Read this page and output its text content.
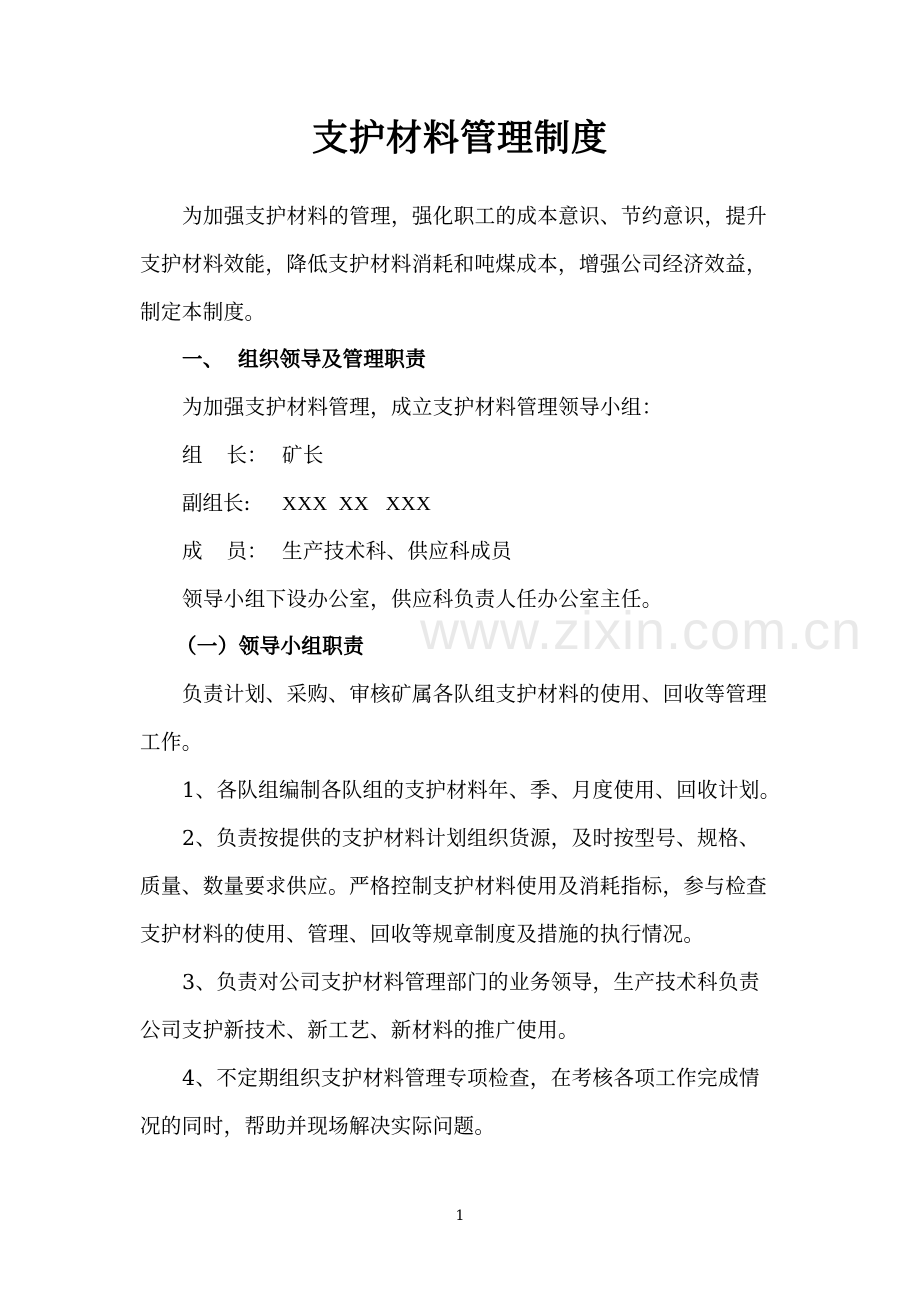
支护材料管理制度
为加强支护材料的管理，强化职工的成本意识、节约意识，提升
支护材料效能，降低支护材料消耗和吨煤成本，增强公司经济效益，
制定本制度。
一、 组织领导及管理职责
为加强支护材料管理，成立支护材料管理领导小组：
组 长： 矿长
副组长: XXX  XX   XXX
成 员： 生产技术科、供应科成员
领导小组下设办公室，供应科负责人任办公室主任。
（一）领导小组职责
负责计划、采购、审核矿属各队组支护材料的使用、回收等管理
工作。
1、各队组编制各队组的支护材料年、季、月度使用、回收计划。
2、负责按提供的支护材料计划组织货源，及时按型号、规格、
质量、数量要求供应。严格控制支护材料使用及消耗指标，参与检查
支护材料的使用、管理、回收等规章制度及措施的执行情况。
3、负责对公司支护材料管理部门的业务领导，生产技术科负责
公司支护新技术、新工艺、新材料的推广使用。
4、不定期组织支护材料管理专项检查，在考核各项工作完成情
况的同时，帮助并现场解决实际问题。
www.zixin.com.cn
1
